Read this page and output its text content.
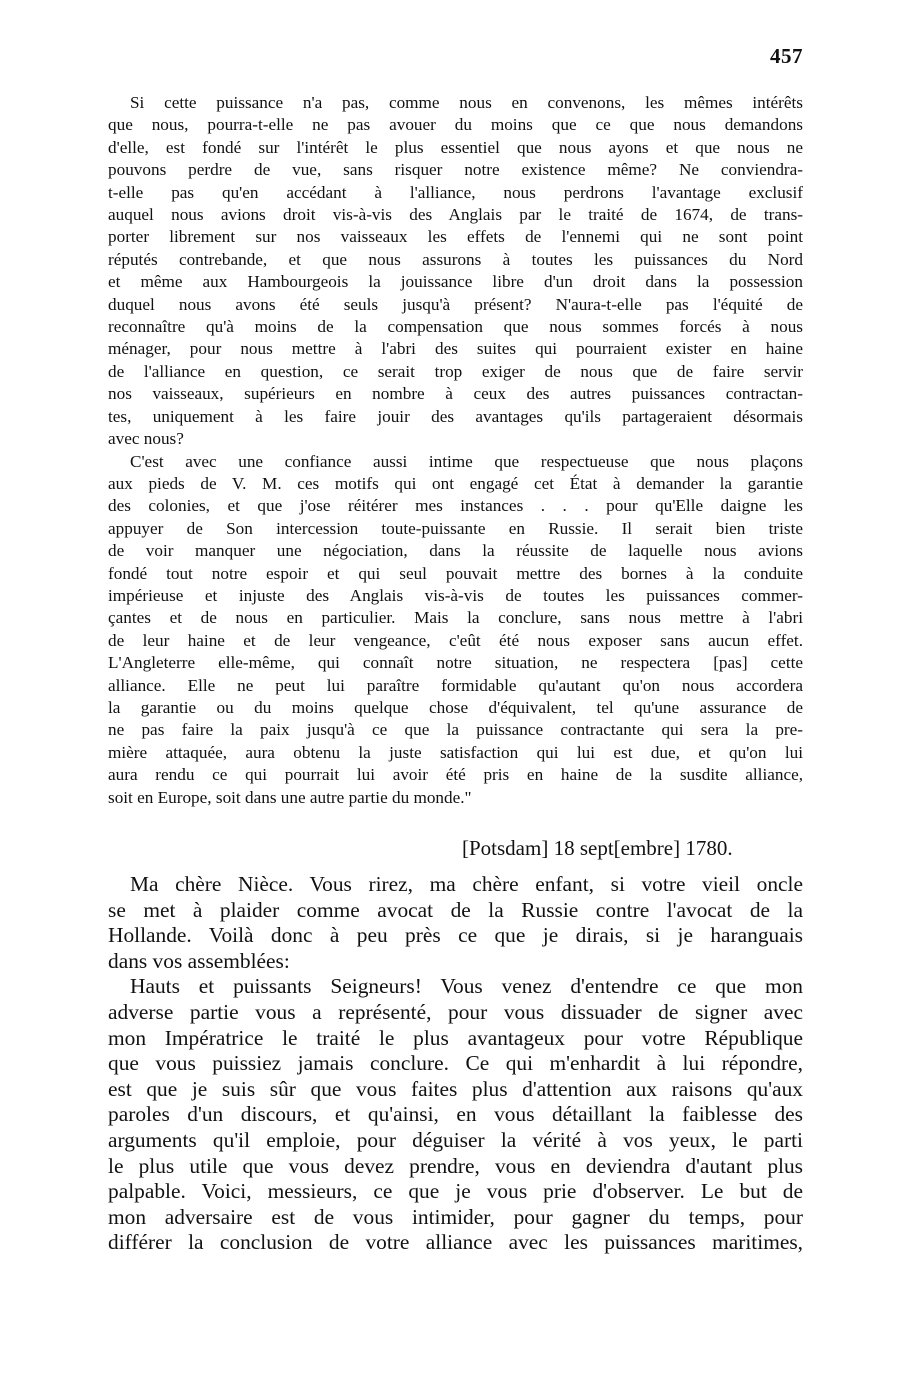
457
Si cette puissance n'a pas, comme nous en convenons, les mêmes intérêts
que nous, pourra-t-elle ne pas avouer du moins que ce que nous demandons
d'elle, est fondé sur l'intérêt le plus essentiel que nous ayons et que nous ne
pouvons perdre de vue, sans risquer notre existence même? Ne conviendra-
t-elle pas qu'en accédant à l'alliance, nous perdrons l'avantage exclusif
auquel nous avions droit vis-à-vis des Anglais par le traité de 1674, de trans-
porter librement sur nos vaisseaux les effets de l'ennemi qui ne sont point
réputés contrebande, et que nous assurons à toutes les puissances du Nord
et même aux Hambourgeois la jouissance libre d'un droit dans la possession
duquel nous avons été seuls jusqu'à présent? N'aura-t-elle pas l'équité de
reconnaître qu'à moins de la compensation que nous sommes forcés à nous
ménager, pour nous mettre à l'abri des suites qui pourraient exister en haine
de l'alliance en question, ce serait trop exiger de nous que de faire servir
nos vaisseaux, supérieurs en nombre à ceux des autres puissances contractan-
tes, uniquement à les faire jouir des avantages qu'ils partageraient désormais
avec nous?
C'est avec une confiance aussi intime que respectueuse que nous plaçons
aux pieds de V. M. ces motifs qui ont engagé cet État à demander la garantie
des colonies, et que j'ose réitérer mes instances . . . pour qu'Elle daigne les
appuyer de Son intercession toute-puissante en Russie. Il serait bien triste
de voir manquer une négociation, dans la réussite de laquelle nous avions
fondé tout notre espoir et qui seul pouvait mettre des bornes à la conduite
impérieuse et injuste des Anglais vis-à-vis de toutes les puissances commer-
çantes et de nous en particulier. Mais la conclure, sans nous mettre à l'abri
de leur haine et de leur vengeance, c'eût été nous exposer sans aucun effet.
L'Angleterre elle-même, qui connaît notre situation, ne respectera [pas] cette
alliance. Elle ne peut lui paraître formidable qu'autant qu'on nous accordera
la garantie ou du moins quelque chose d'équivalent, tel qu'une assurance de
ne pas faire la paix jusqu'à ce que la puissance contractante qui sera la pre-
mière attaquée, aura obtenu la juste satisfaction qui lui est due, et qu'on lui
aura rendu ce qui pourrait lui avoir été pris en haine de la susdite alliance,
soit en Europe, soit dans une autre partie du monde."
[Potsdam] 18 sept[embre] 1780.
Ma chère Nièce. Vous rirez, ma chère enfant, si votre vieil oncle
se met à plaider comme avocat de la Russie contre l'avocat de la
Hollande. Voilà donc à peu près ce que je dirais, si je haranguais
dans vos assemblées:
Hauts et puissants Seigneurs! Vous venez d'entendre ce que mon
adverse partie vous a représenté, pour vous dissuader de signer avec
mon Impératrice le traité le plus avantageux pour votre République
que vous puissiez jamais conclure. Ce qui m'enhardit à lui répondre,
est que je suis sûr que vous faites plus d'attention aux raisons qu'aux
paroles d'un discours, et qu'ainsi, en vous détaillant la faiblesse des
arguments qu'il emploie, pour déguiser la vérité à vos yeux, le parti
le plus utile que vous devez prendre, vous en deviendra d'autant plus
palpable. Voici, messieurs, ce que je vous prie d'observer. Le but de
mon adversaire est de vous intimider, pour gagner du temps, pour
différer la conclusion de votre alliance avec les puissances maritimes,
